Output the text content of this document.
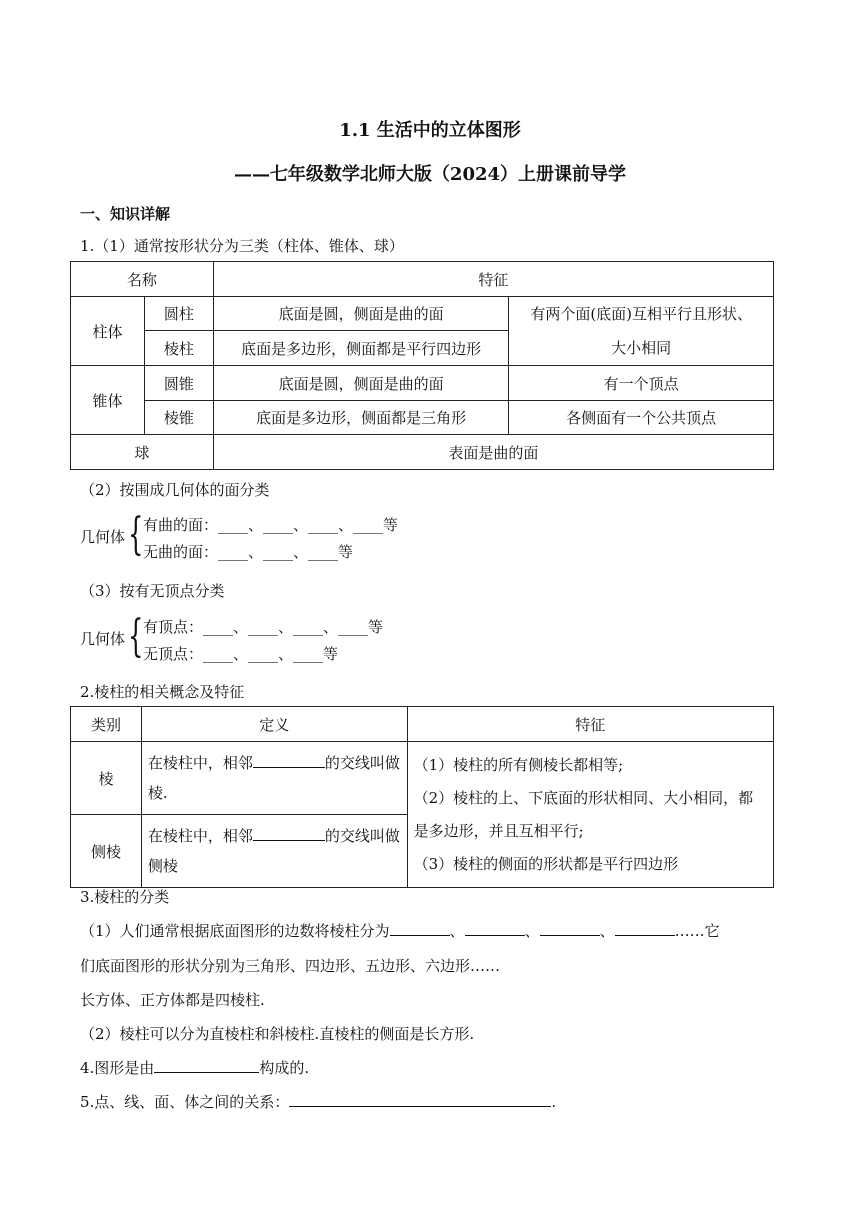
1.1 生活中的立体图形
——七年级数学北师大版（2024）上册课前导学
一、知识详解
1.（1）通常按形状分为三类（柱体、锥体、球）
名称		特征	
柱体	圆柱	底面是圆，侧面是曲的面	有两个面(底面)互相平行且形状、
大小相同

	棱柱	底面是多边形，侧面都是平行四边形	
锥体	圆锥	底面是圆，侧面是曲的面	有一个顶点
	棱锥	底面是多边形，侧面都是三角形	各侧面有一个公共顶点
球		表面是曲的面	
（2）按围成几何体的面分类
几何体 { 有曲的面：____、____、____、____等
无曲的面：____、____、____等
（3）按有无顶点分类
几何体 { 有顶点：____、____、____、____等
无顶点：____、____、____等
2.棱柱的相关概念及特征
类别	定义	特征
棱	在棱柱中，相邻 的交线叫做棱.	（1）棱柱的所有侧棱长都相等;
（2）棱柱的上、下底面的形状相同、大小相同，都是多边形，并且互相平行;
（3）棱柱的侧面的形状都是平行四边形

侧棱	在棱柱中，相邻 的交线叫做侧棱	
3.棱柱的分类
（1）人们通常根据底面图形的边数将棱柱分为	、	、	、	……它
们底面图形的形状分别为三角形、四边形、五边形、六边形……
长方体、正方体都是四棱柱.
（2）棱柱可以分为直棱柱和斜棱柱.直棱柱的侧面是长方形.
4.图形是由	构成的.
5.点、线、面、体之间的关系：	.
